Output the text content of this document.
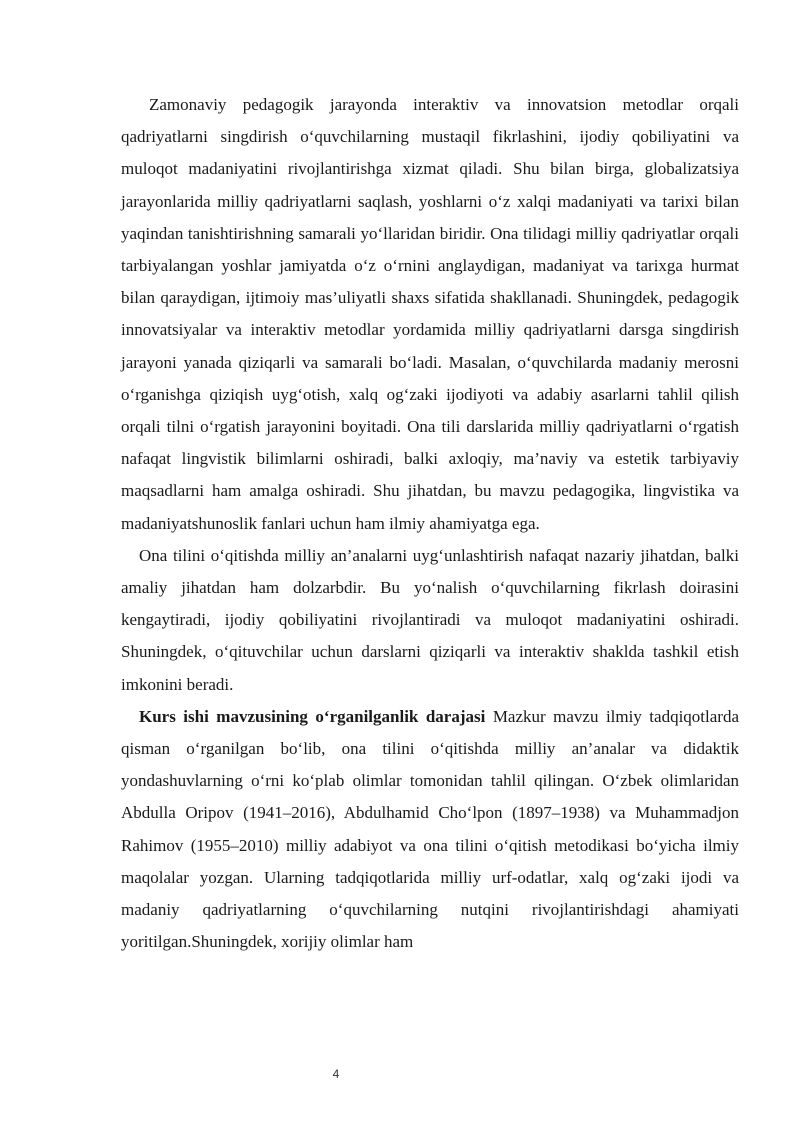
Zamonaviy pedagogik jarayonda interaktiv va innovatsion metodlar orqali qadriyatlarni singdirish o‘quvchilarning mustaqil fikrlashini, ijodiy qobiliyatini va muloqot madaniyatini rivojlantirishga xizmat qiladi. Shu bilan birga, globalizatsiya jarayonlarida milliy qadriyatlarni saqlash, yoshlarni o‘z xalqi madaniyati va tarixi bilan yaqindan tanishtirishning samarali yo‘llaridan biridir. Ona tilidagi milliy qadriyatlar orqali tarbiyalangan yoshlar jamiyatda o‘z o‘rnini anglaydigan, madaniyat va tarixga hurmat bilan qaraydigan, ijtimoiy mas’uliyatli shaxs sifatida shakllanadi. Shuningdek, pedagogik innovatsiyalar va interaktiv metodlar yordamida milliy qadriyatlarni darsga singdirish jarayoni yanada qiziqarli va samarali bo‘ladi. Masalan, o‘quvchilarda madaniy merosni o‘rganishga qiziqish uyg‘otish, xalq og‘zaki ijodiyoti va adabiy asarlarni tahlil qilish orqali tilni o‘rgatish jarayonini boyitadi. Ona tili darslarida milliy qadriyatlarni o‘rgatish nafaqat lingvistik bilimlarni oshiradi, balki axloqiy, ma’naviy va estetik tarbiyaviy maqsadlarni ham amalga oshiradi. Shu jihatdan, bu mavzu pedagogika, lingvistika va madaniyatshunoslik fanlari uchun ham ilmiy ahamiyatga ega.

Ona tilini o‘qitishda milliy an’analarni uyg‘unlashtirish nafaqat nazariy jihatdan, balki amaliy jihatdan ham dolzarbdir. Bu yo‘nalish o‘quvchilarning fikrlash doirasini kengaytiradi, ijodiy qobiliyatini rivojlantiradi va muloqot madaniyatini oshiradi. Shuningdek, o‘qituvchilar uchun darslarni qiziqarli va interaktiv shaklda tashkil etish imkonini beradi.

Kurs ishi mavzusining o‘rganilganlik darajasi Mazkur mavzu ilmiy tadqiqotlarda qisman o‘rganilgan bo‘lib, ona tilini o‘qitishda milliy an’analar va didaktik yondashuvlarning o‘rni ko‘plab olimlar tomonidan tahlil qilingan. O‘zbek olimlaridan Abdulla Oripov (1941–2016), Abdulhamid Cho‘lpon (1897–1938) va Muhammadjon Rahimov (1955–2010) milliy adabiyot va ona tilini o‘qitish metodikasi bo‘yicha ilmiy maqolalar yozgan. Ularning tadqiqotlarida milliy urf-odatlar, xalq og‘zaki ijodi va madaniy qadriyatlarning o‘quvchilarning nutqini rivojlantirishdagi ahamiyati yoritilgan.Shuningdek, xorijiy olimlar ham

4
